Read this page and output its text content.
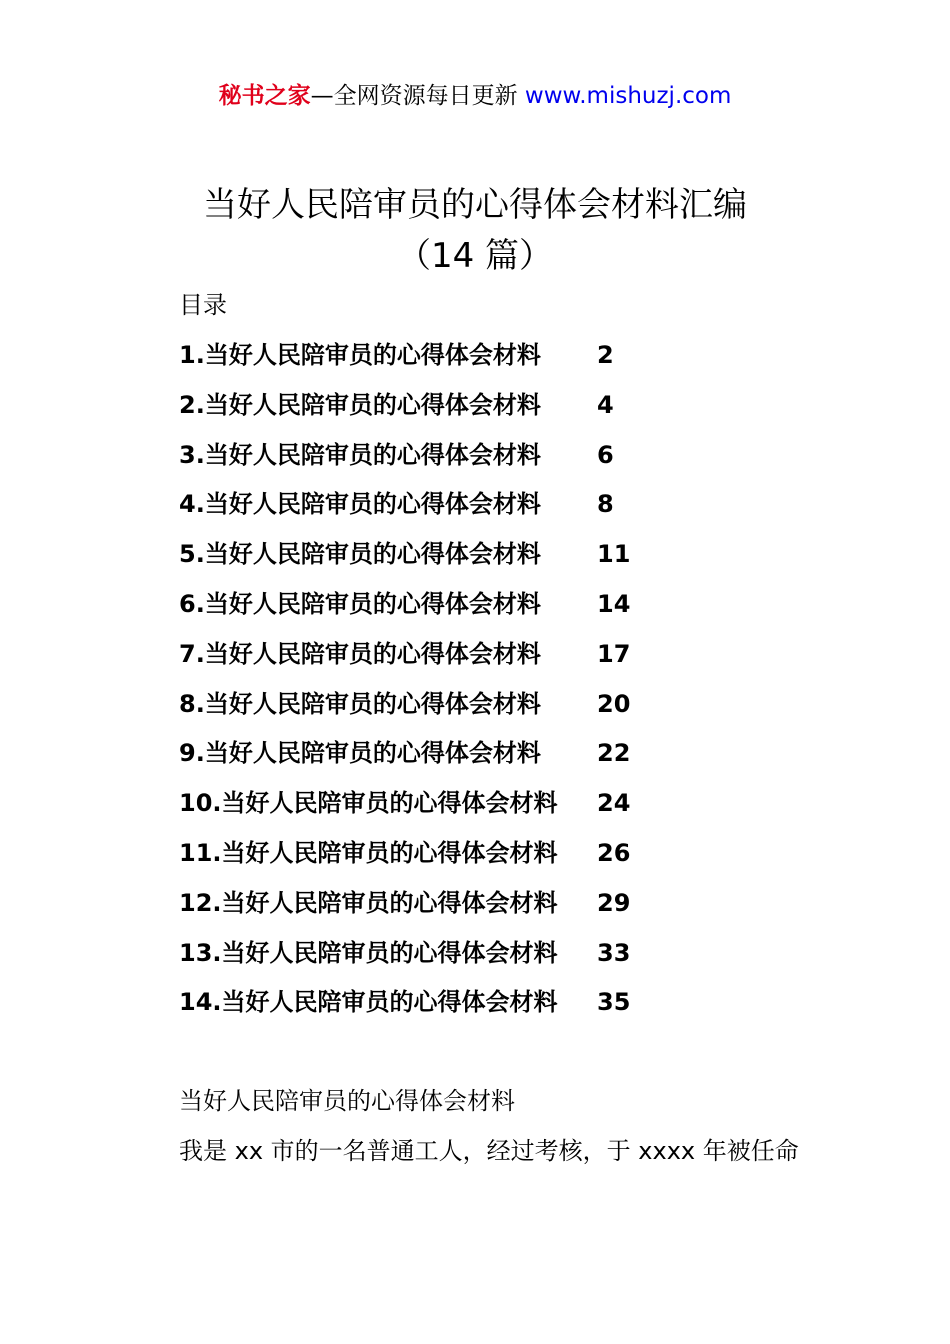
秘书之家—全网资源每日更新 www.mishuzj.com
当好人民陪审员的心得体会材料汇编
（14 篇）
目录
1.当好人民陪审员的心得体会材料 2
2.当好人民陪审员的心得体会材料 4
3.当好人民陪审员的心得体会材料 6
4.当好人民陪审员的心得体会材料 8
5.当好人民陪审员的心得体会材料 11
6.当好人民陪审员的心得体会材料 14
7.当好人民陪审员的心得体会材料 17
8.当好人民陪审员的心得体会材料 20
9.当好人民陪审员的心得体会材料 22
10.当好人民陪审员的心得体会材料 24
11.当好人民陪审员的心得体会材料 26
12.当好人民陪审员的心得体会材料 29
13.当好人民陪审员的心得体会材料 33
14.当好人民陪审员的心得体会材料 35
当好人民陪审员的心得体会材料
我是 xx 市的一名普通工人，经过考核，于 xxxx 年被任命
